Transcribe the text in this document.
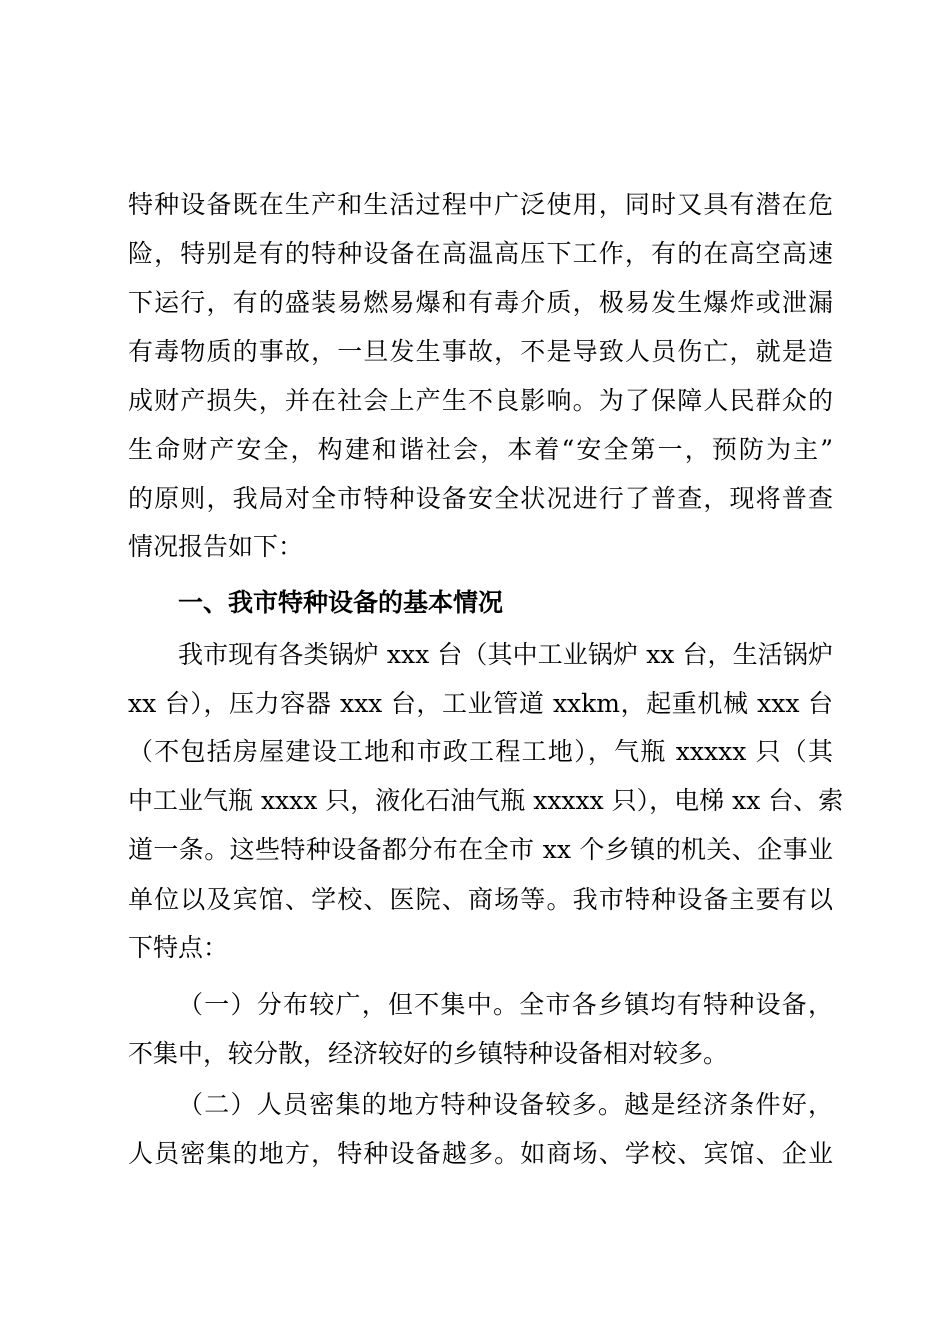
特种设备既在生产和生活过程中广泛使用，同时又具有潜在危
险，特别是有的特种设备在高温高压下工作，有的在高空高速
下运行，有的盛装易燃易爆和有毒介质，极易发生爆炸或泄漏
有毒物质的事故，一旦发生事故，不是导致人员伤亡，就是造
成财产损失，并在社会上产生不良影响。为了保障人民群众的
生命财产安全，构建和谐社会，本着“安全第一，预防为主”
的原则，我局对全市特种设备安全状况进行了普查，现将普查
情况报告如下：
一、我市特种设备的基本情况
我市现有各类锅炉 xxx 台（其中工业锅炉 xx 台，生活锅炉
xx 台），压力容器 xxx 台，工业管道 xxkm，起重机械 xxx 台
（不包括房屋建设工地和市政工程工地），气瓶 xxxxx 只（其
中工业气瓶 xxxx 只，液化石油气瓶 xxxxx 只），电梯 xx 台、索
道一条。这些特种设备都分布在全市 xx 个乡镇的机关、企事业
单位以及宾馆、学校、医院、商场等。我市特种设备主要有以
下特点：
（一）分布较广，但不集中。全市各乡镇均有特种设备，
不集中，较分散，经济较好的乡镇特种设备相对较多。
（二）人员密集的地方特种设备较多。越是经济条件好，
人员密集的地方，特种设备越多。如商场、学校、宾馆、企业
